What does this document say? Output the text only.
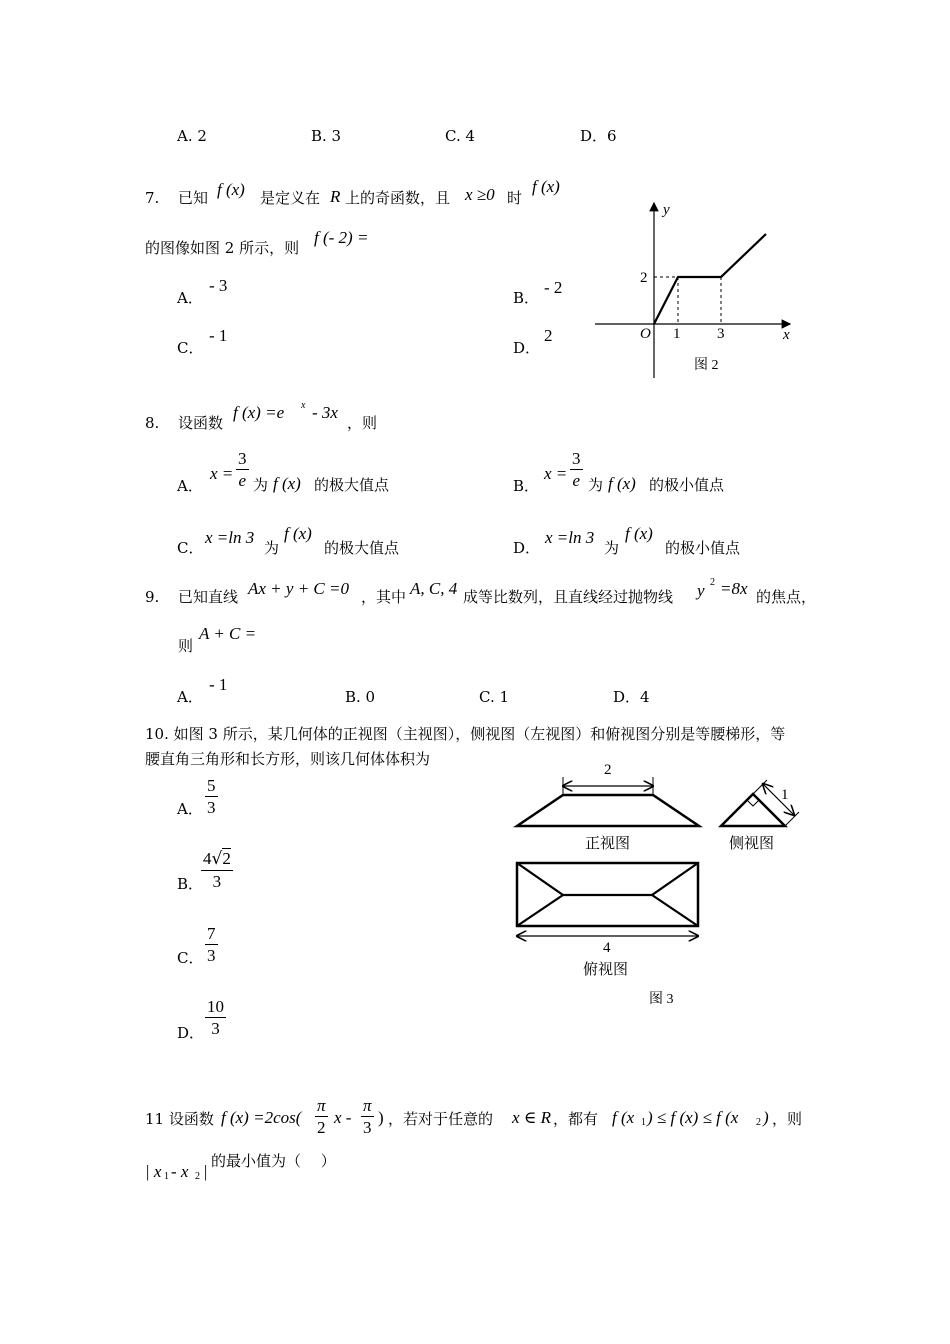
A. 2	B. 3	C. 4	D．6
7. 已知 f (x) 是定义在 R 上的奇函数，且 x ≥0 时
f (x)
的图像如图 2 所示，则
f (- 2) =
A．
- 3
B．
- 2
C．
- 1
D．
2
y
x
O 1 3
2
图 2
8. 设函数
f (x) =e x - 3x
，则
A．
$x = \frac{3}{e}$ 为 f (x) 的极大值点	B．
$x = \frac{3}{e}$ 为 f (x) 的极小值点
C．
x =ln 3
为
f (x)
的极大值点	D．
x =ln 3
为
f (x)
的极小值点
9. 已知直线 Ax + y + C =0 ，其中 A, C, 4 成等比数列，且直线经过抛物线 y 2 =8x 的焦点，
则
A + C =
A．
- 1
B. 0	C. 1	D．4
10. 如图 3 所示，某几何体的正视图（主视图），侧视图（左视图）和俯视图分别是等腰梯形，等
腰直角三角形和长方形，则该几何体体积为
A． $\frac{5}{3}$
B．
$\frac{4√2}{3}$
C． $\frac{7}{3}$
D． $\frac{10}{3}$
2
正视图
1
侧视图
4
俯视图
图 3
11 设函数 f $(x) =2\cos( \frac{\pi}{2}$ x - $\frac{\pi}{3}$ ) ，若对于任意的 x ∈ R ，都有 f (x 1 ) ≤ f (x) ≤ f (x 2 ) ，则
| x 1 - x 2 |
的最小值为（　 ）
